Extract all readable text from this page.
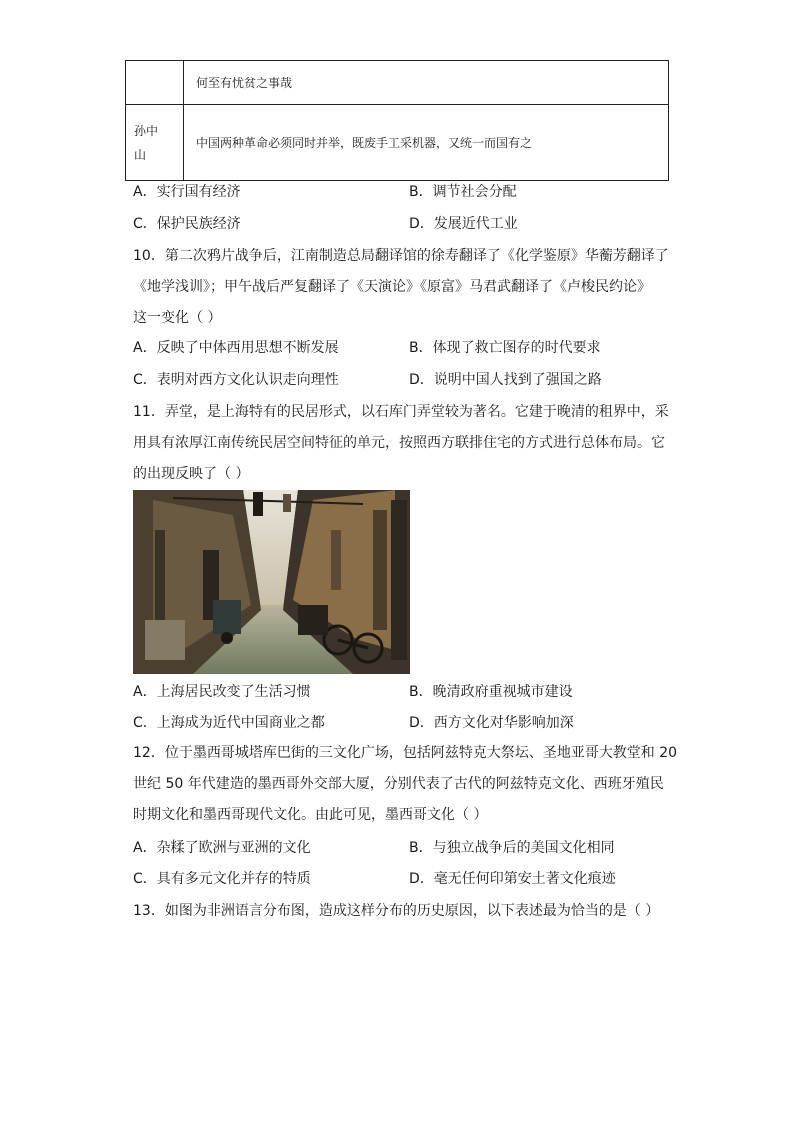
	何至有忧贫之事哉

孙中
山	中国两种革命必须同时并举，既废手工采机器，又统一而国有之
A．实行国有经济	B．调节社会分配
C．保护民族经济	D．发展近代工业
10．第二次鸦片战争后，江南制造总局翻译馆的徐寿翻译了《化学鉴原》华蘅芳翻译了
《地学浅训》；甲午战后严复翻译了《天演论》《原富》马君武翻译了《卢梭民约论》
这一变化（ ）
A．反映了中体西用思想不断发展	B．体现了救亡图存的时代要求
C．表明对西方文化认识走向理性	D．说明中国人找到了强国之路
11．弄堂，是上海特有的民居形式，以石库门弄堂较为著名。它建于晚清的租界中，采
用具有浓厚江南传统民居空间特征的单元，按照西方联排住宅的方式进行总体布局。它
的出现反映了（ ）
A．上海居民改变了生活习惯	B．晚清政府重视城市建设
C．上海成为近代中国商业之都	D．西方文化对华影响加深
12．位于墨西哥城塔库巴街的三文化广场，包括阿兹特克大祭坛、圣地亚哥大教堂和 20
世纪 50 年代建造的墨西哥外交部大厦，分别代表了古代的阿兹特克文化、西班牙殖民
时期文化和墨西哥现代文化。由此可见，墨西哥文化（ ）
A．杂糅了欧洲与亚洲的文化	B．与独立战争后的美国文化相同
C．具有多元文化并存的特质	D．毫无任何印第安土著文化痕迹
13．如图为非洲语言分布图，造成这样分布的历史原因，以下表述最为恰当的是（ ）
